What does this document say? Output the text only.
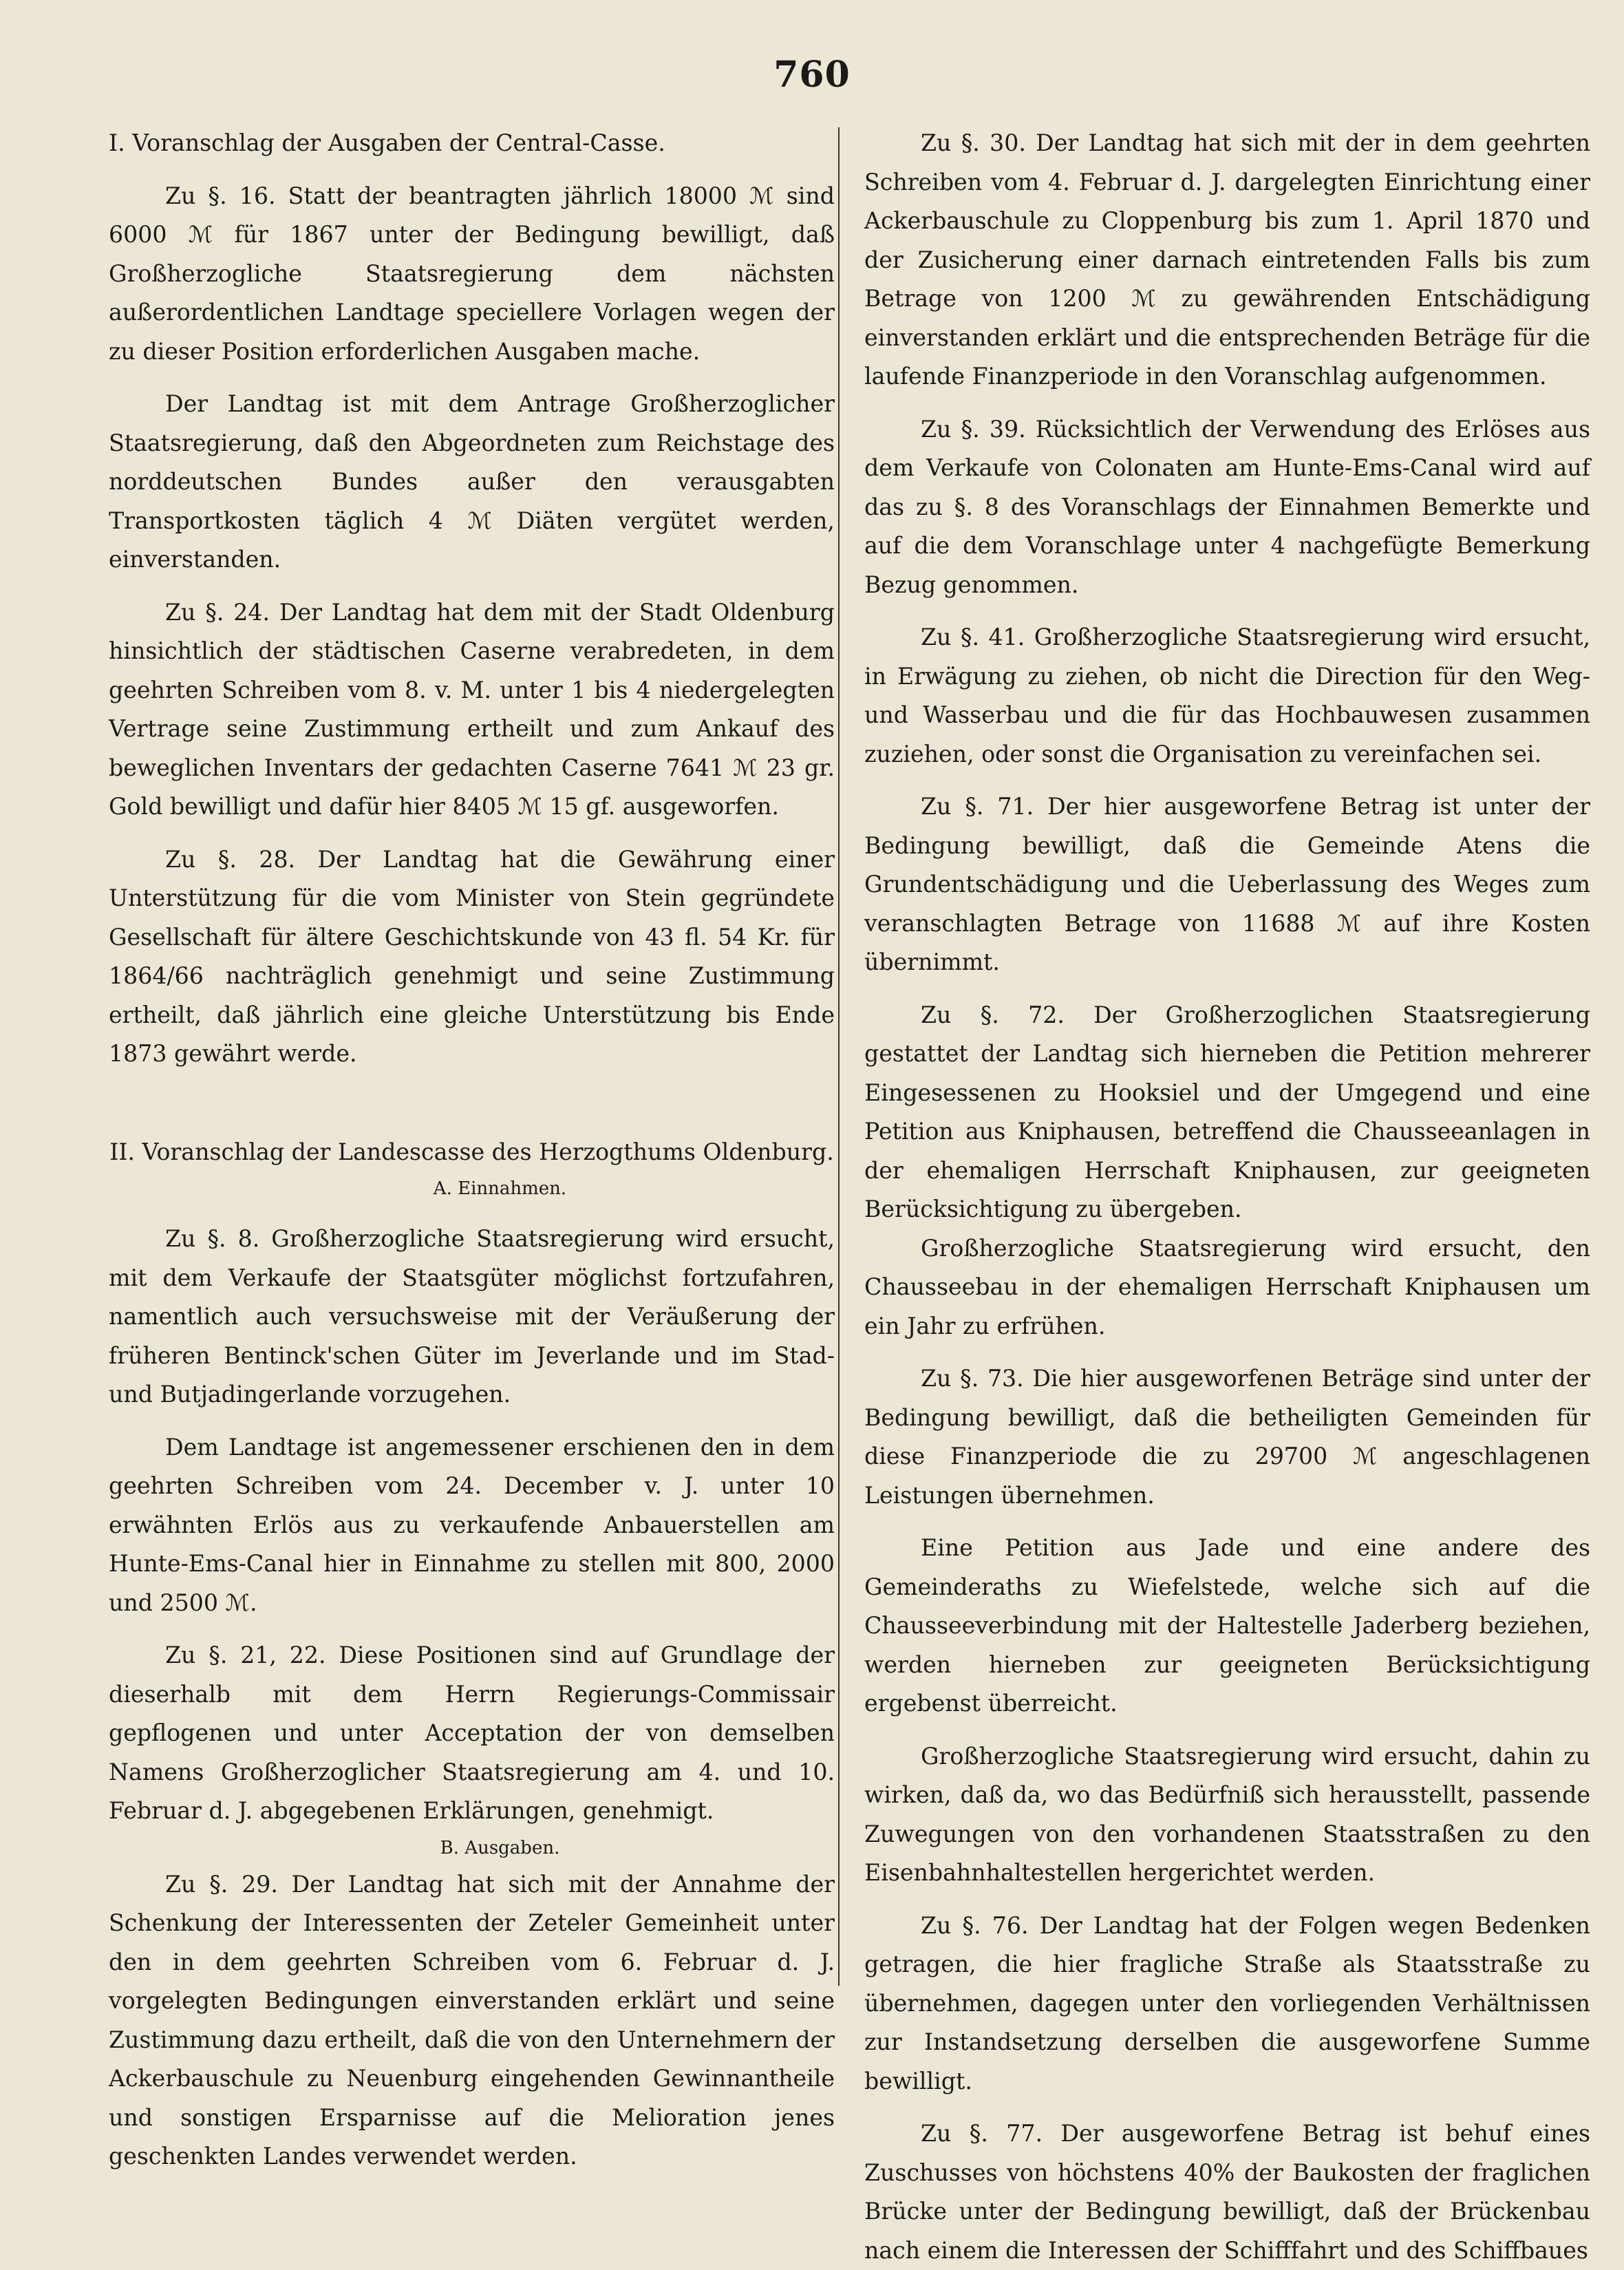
760

I. Voranschlag der Ausgaben der Central-Casse.

Zu §. 16. Statt der beantragten jährlich 18000 ℳ sind 6000 ℳ für 1867 unter der Bedingung bewilligt, daß Großherzogliche Staatsregierung dem nächsten außerordentlichen Landtage speciellere Vorlagen wegen der zu dieser Position erforderlichen Ausgaben mache.

Der Landtag ist mit dem Antrage Großherzoglicher Staatsregierung, daß den Abgeordneten zum Reichstage des norddeutschen Bundes außer den verausgabten Transportkosten täglich 4 ℳ Diäten vergütet werden, einverstanden.

Zu §. 24. Der Landtag hat dem mit der Stadt Oldenburg hinsichtlich der städtischen Caserne verabredeten, in dem geehrten Schreiben vom 8. v. M. unter 1 bis 4 niedergelegten Vertrage seine Zustimmung ertheilt und zum Ankauf des beweglichen Inventars der gedachten Caserne 7641 ℳ 23 gr. Gold bewilligt und dafür hier 8405 ℳ 15 gf. ausgeworfen.

Zu §. 28. Der Landtag hat die Gewährung einer Unterstützung für die vom Minister von Stein gegründete Gesellschaft für ältere Geschichtskunde von 43 fl. 54 Kr. für 1864/66 nachträglich genehmigt und seine Zustimmung ertheilt, daß jährlich eine gleiche Unterstützung bis Ende 1873 gewährt werde.

II. Voranschlag der Landescasse des Herzogthums Oldenburg.

A. Einnahmen.

Zu §. 8. Großherzogliche Staatsregierung wird ersucht, mit dem Verkaufe der Staatsgüter möglichst fortzufahren, namentlich auch versuchsweise mit der Veräußerung der früheren Bentinck'schen Güter im Jeverlande und im Stad- und Butjadingerlande vorzugehen.

Dem Landtage ist angemessener erschienen den in dem geehrten Schreiben vom 24. December v. J. unter 10 erwähnten Erlös aus zu verkaufende Anbauerstellen am Hunte-Ems-Canal hier in Einnahme zu stellen mit 800, 2000 und 2500 ℳ.

Zu §. 21, 22. Diese Positionen sind auf Grundlage der dieserhalb mit dem Herrn Regierungs-Commissair gepflogenen und unter Acceptation der von demselben Namens Großherzoglicher Staatsregierung am 4. und 10. Februar d. J. abgegebenen Erklärungen, genehmigt.

B. Ausgaben.

Zu §. 29. Der Landtag hat sich mit der Annahme der Schenkung der Interessenten der Zeteler Gemeinheit unter den in dem geehrten Schreiben vom 6. Februar d. J. vorgelegten Bedingungen einverstanden erklärt und seine Zustimmung dazu ertheilt, daß die von den Unternehmern der Ackerbauschule zu Neuenburg eingehenden Gewinnantheile und sonstigen Ersparnisse auf die Melioration jenes geschenkten Landes verwendet werden.

Zu §. 30. Der Landtag hat sich mit der in dem geehrten Schreiben vom 4. Februar d. J. dargelegten Einrichtung einer Ackerbauschule zu Cloppenburg bis zum 1. April 1870 und der Zusicherung einer darnach eintretenden Falls bis zum Betrage von 1200 ℳ zu gewährenden Entschädigung einverstanden erklärt und die entsprechenden Beträge für die laufende Finanzperiode in den Voranschlag aufgenommen.

Zu §. 39. Rücksichtlich der Verwendung des Erlöses aus dem Verkaufe von Colonaten am Hunte-Ems-Canal wird auf das zu §. 8 des Voranschlags der Einnahmen Bemerkte und auf die dem Voranschlage unter 4 nachgefügte Bemerkung Bezug genommen.

Zu §. 41. Großherzogliche Staatsregierung wird ersucht, in Erwägung zu ziehen, ob nicht die Direction für den Weg- und Wasserbau und die für das Hochbauwesen zusammen zuziehen, oder sonst die Organisation zu vereinfachen sei.

Zu §. 71. Der hier ausgeworfene Betrag ist unter der Bedingung bewilligt, daß die Gemeinde Atens die Grundentschädigung und die Ueberlassung des Weges zum veranschlagten Betrage von 11688 ℳ auf ihre Kosten übernimmt.

Zu §. 72. Der Großherzoglichen Staatsregierung gestattet der Landtag sich hierneben die Petition mehrerer Eingesessenen zu Hooksiel und der Umgegend und eine Petition aus Kniphausen, betreffend die Chausseeanlagen in der ehemaligen Herrschaft Kniphausen, zur geeigneten Berücksichtigung zu übergeben.

Großherzogliche Staatsregierung wird ersucht, den Chausseebau in der ehemaligen Herrschaft Kniphausen um ein Jahr zu erfrühen.

Zu §. 73. Die hier ausgeworfenen Beträge sind unter der Bedingung bewilligt, daß die betheiligten Gemeinden für diese Finanzperiode die zu 29700 ℳ angeschlagenen Leistungen übernehmen.

Eine Petition aus Jade und eine andere des Gemeinderaths zu Wiefelstede, welche sich auf die Chausseeverbindung mit der Haltestelle Jaderberg beziehen, werden hierneben zur geeigneten Berücksichtigung ergebenst überreicht.

Großherzogliche Staatsregierung wird ersucht, dahin zu wirken, daß da, wo das Bedürfniß sich herausstellt, passende Zuwegungen von den vorhandenen Staatsstraßen zu den Eisenbahnhaltestellen hergerichtet werden.

Zu §. 76. Der Landtag hat der Folgen wegen Bedenken getragen, die hier fragliche Straße als Staatsstraße zu übernehmen, dagegen unter den vorliegenden Verhältnissen zur Instandsetzung derselben die ausgeworfene Summe bewilligt.

Zu §. 77. Der ausgeworfene Betrag ist behuf eines Zuschusses von höchstens 40% der Baukosten der fraglichen Brücke unter der Bedingung bewilligt, daß der Brückenbau nach einem die Interessen der Schifffahrt und des Schiffbaues
